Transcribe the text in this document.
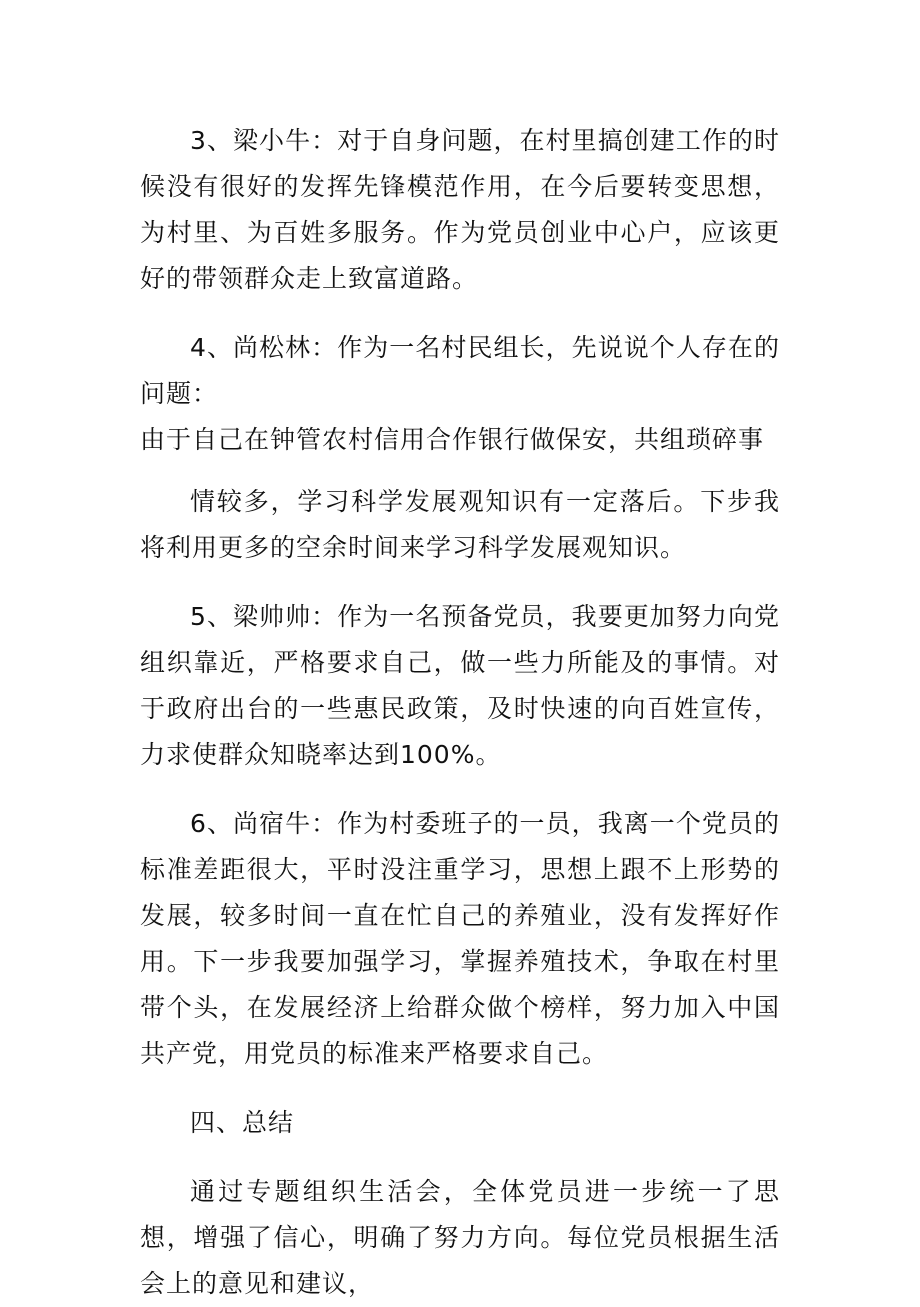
3、梁小牛：对于自身问题，在村里搞创建工作的时候没有很好的发挥先锋模范作用，在今后要转变思想，为村里、为百姓多服务。作为党员创业中心户，应该更好的带领群众走上致富道路。

4、尚松林：作为一名村民组长，先说说个人存在的问题：

由于自己在钟管农村信用合作银行做保安，共组琐碎事

情较多，学习科学发展观知识有一定落后。下步我将利用更多的空余时间来学习科学发展观知识。

5、梁帅帅：作为一名预备党员，我要更加努力向党组织靠近，严格要求自己，做一些力所能及的事情。对于政府出台的一些惠民政策，及时快速的向百姓宣传，力求使群众知晓率达到100%。

6、尚宿牛：作为村委班子的一员，我离一个党员的标准差距很大，平时没注重学习，思想上跟不上形势的发展，较多时间一直在忙自己的养殖业，没有发挥好作用。下一步我要加强学习，掌握养殖技术，争取在村里带个头，在发展经济上给群众做个榜样，努力加入中国共产党，用党员的标准来严格要求自己。

四、总结

通过专题组织生活会，全体党员进一步统一了思想，增强了信心，明确了努力方向。每位党员根据生活会上的意见和建议，
